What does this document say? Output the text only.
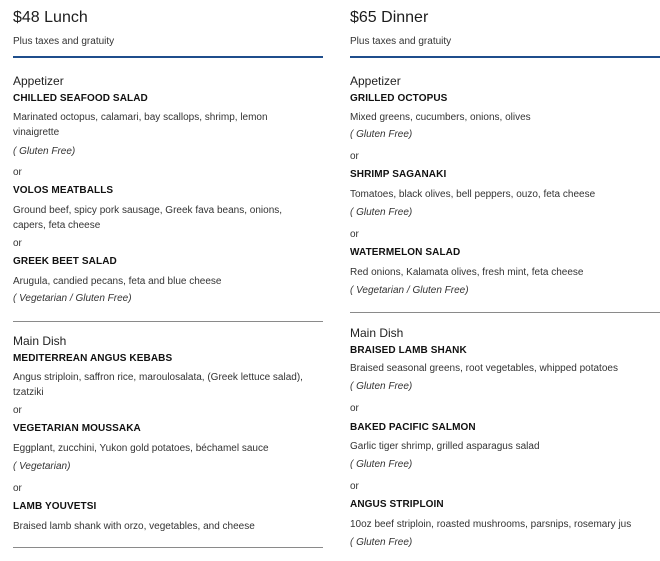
$48 Lunch
Plus taxes and gratuity
Appetizer
CHILLED SEAFOOD SALAD
Marinated octopus, calamari, bay scallops, shrimp, lemon vinaigrette
( Gluten Free)
or
VOLOS MEATBALLS
Ground beef, spicy pork sausage, Greek fava beans, onions, capers, feta cheese
or
GREEK BEET SALAD
Arugula, candied pecans, feta and blue cheese
( Vegetarian / Gluten Free)
Main Dish
MEDITERREAN ANGUS KEBABS
Angus striploin, saffron rice, maroulosalata, (Greek lettuce salad), tzatziki
or
VEGETARIAN MOUSSAKA
Eggplant, zucchini, Yukon gold potatoes, béchamel sauce
( Vegetarian)
or
LAMB YOUVETSI
Braised lamb shank with orzo, vegetables, and cheese
$65 Dinner
Plus taxes and gratuity
Appetizer
GRILLED OCTOPUS
Mixed greens, cucumbers, onions, olives
( Gluten Free)
or
SHRIMP SAGANAKI
Tomatoes, black olives, bell peppers, ouzo, feta cheese
( Gluten Free)
or
WATERMELON SALAD
Red onions, Kalamata olives, fresh mint, feta cheese
( Vegetarian / Gluten Free)
Main Dish
BRAISED LAMB SHANK
Braised seasonal greens, root vegetables, whipped potatoes
( Gluten Free)
or
BAKED PACIFIC SALMON
Garlic tiger shrimp, grilled asparagus salad
( Gluten Free)
or
ANGUS STRIPLOIN
10oz beef striploin, roasted mushrooms, parsnips, rosemary jus
( Gluten Free)
